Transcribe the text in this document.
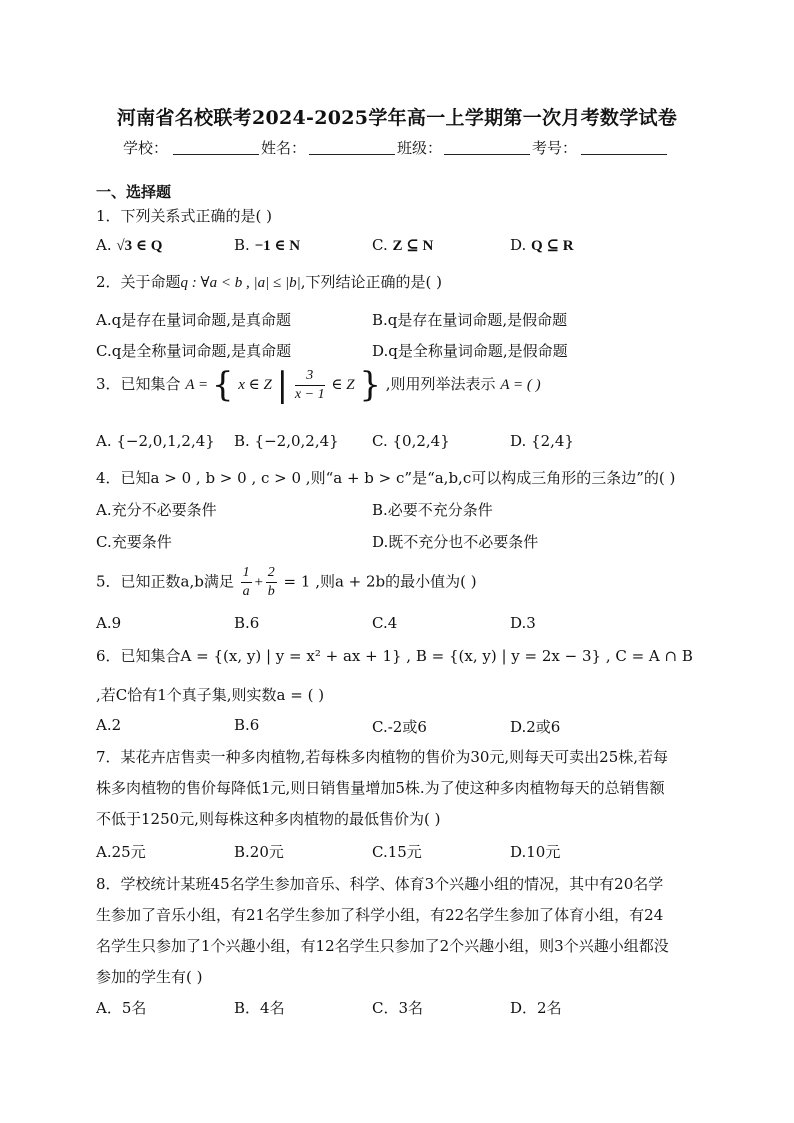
河南省名校联考2024-2025学年高一上学期第一次月考数学试卷
学校：	姓名：	班级：	考号：
一、选择题
1．下列关系式正确的是( )
A. √3 ∈ Q	B. −1 ∈ N	C. Z ⊆ N	D. Q ⊆ R
2．关于命题q : ∀a < b , |a| ≤ |b|,下列结论正确的是( )
A.q是存在量词命题,是真命题	B.q是存在量词命题,是假命题
C.q是全称量词命题,是真命题	D.q是全称量词命题,是假命题
3．已知集合 A = { x ∈ Z | $\frac{3}{x - 1}$ ∈ Z } ,则用列举法表示 A = ( )
A. {−2,0,1,2,4} B. {−2,0,2,4} C. {0,2,4}	D. {2,4}
4．已知a > 0 , b > 0 , c > 0 ,则“a + b > c”是“a,b,c可以构成三角形的三条边”的( )
A.充分不必要条件	B.必要不充分条件
C.充要条件	D.既不充分也不必要条件
5．已知正数a,b满足 $\frac{1}{a} + \frac{2}{b} = 1$ ,则a + 2b的最小值为( )
A.9	B.6	C.4	D.3
6．已知集合A = {(x, y) | y = x² + ax + 1} , B = {(x, y) | y = 2x − 3} , C = A ∩ B
,若C恰有1个真子集,则实数a = ( )
A.2	B.6	C.-2或6	D.2或6
7．某花卉店售卖一种多肉植物,若每株多肉植物的售价为30元,则每天可卖出25株,若每
株多肉植物的售价每降低1元,则日销售量增加5株.为了使这种多肉植物每天的总销售额
不低于1250元,则每株这种多肉植物的最低售价为( )
A.25元	B.20元	C.15元	D.10元
8．学校统计某班45名学生参加音乐、科学、体育3个兴趣小组的情况，其中有20名学
生参加了音乐小组，有21名学生参加了科学小组，有22名学生参加了体育小组，有24
名学生只参加了1个兴趣小组，有12名学生只参加了2个兴趣小组，则3个兴趣小组都没
参加的学生有( )
A．5名	B．4名	C．3名	D．2名
